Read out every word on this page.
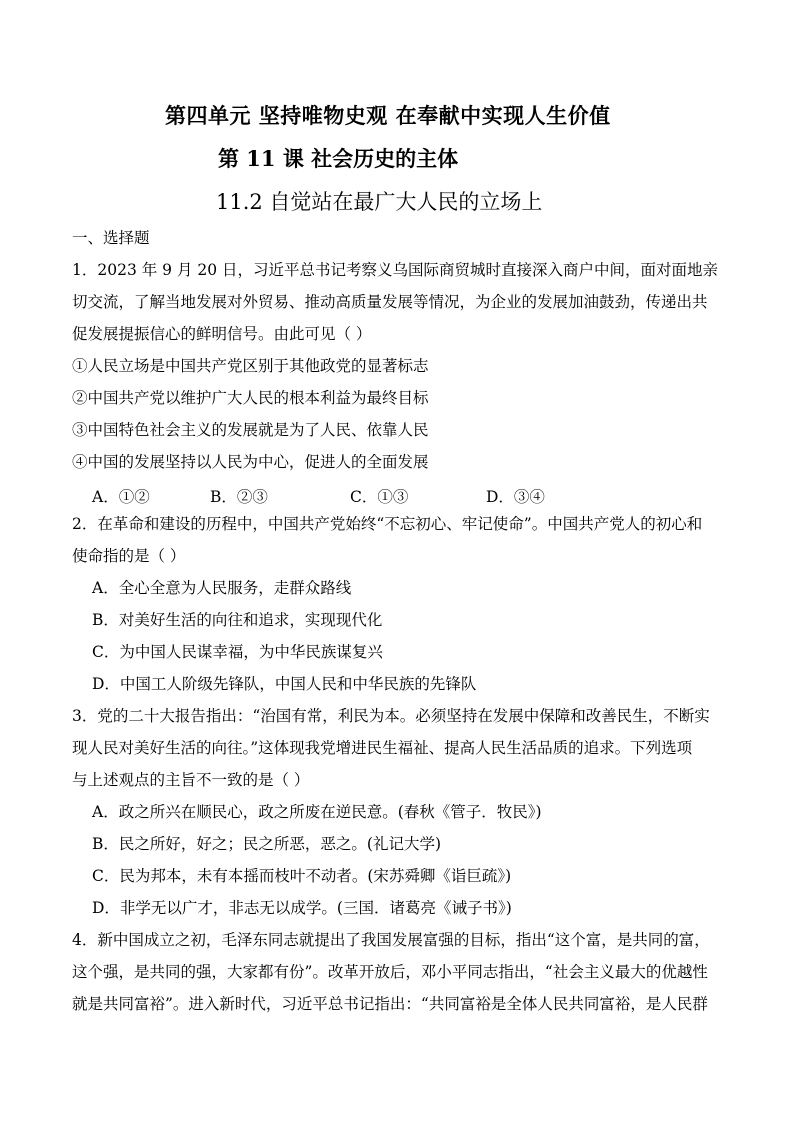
第四单元 坚持唯物史观 在奉献中实现人生价值
第 11 课 社会历史的主体
11.2 自觉站在最广大人民的立场上
一、选择题
1．2023 年 9 月 20 日，习近平总书记考察义乌国际商贸城时直接深入商户中间，面对面地亲
切交流，了解当地发展对外贸易、推动高质量发展等情况，为企业的发展加油鼓劲，传递出共
促发展提振信心的鲜明信号。由此可见（ ）
①人民立场是中国共产党区别于其他政党的显著标志
②中国共产党以维护广大人民的根本利益为最终目标
③中国特色社会主义的发展就是为了人民、依靠人民
④中国的发展坚持以人民为中心，促进人的全面发展
A．①②	B．②③	C．①③	D．③④
2．在革命和建设的历程中，中国共产党始终“不忘初心、牢记使命”。中国共产党人的初心和
使命指的是（ ）
A．全心全意为人民服务，走群众路线
B．对美好生活的向往和追求，实现现代化
C．为中国人民谋幸福，为中华民族谋复兴
D．中国工人阶级先锋队，中国人民和中华民族的先锋队
3．党的二十大报告指出：“治国有常，利民为本。必须坚持在发展中保障和改善民生，不断实
现人民对美好生活的向往。”这体现我党增进民生福祉、提高人民生活品质的追求。下列选项
与上述观点的主旨不一致的是（ ）
A．政之所兴在顺民心，政之所废在逆民意。(春秋《管子．牧民》)
B．民之所好，好之；民之所恶，恶之。(礼记大学)
C．民为邦本，未有本摇而枝叶不动者。(宋苏舜卿《诣巨疏》)
D．非学无以广才，非志无以成学。(三国．诸葛亮《诫子书》)
4．新中国成立之初，毛泽东同志就提出了我国发展富强的目标，指出“这个富，是共同的富，
这个强，是共同的强，大家都有份”。改革开放后，邓小平同志指出，“社会主义最大的优越性
就是共同富裕”。进入新时代，习近平总书记指出：“共同富裕是全体人民共同富裕，是人民群
